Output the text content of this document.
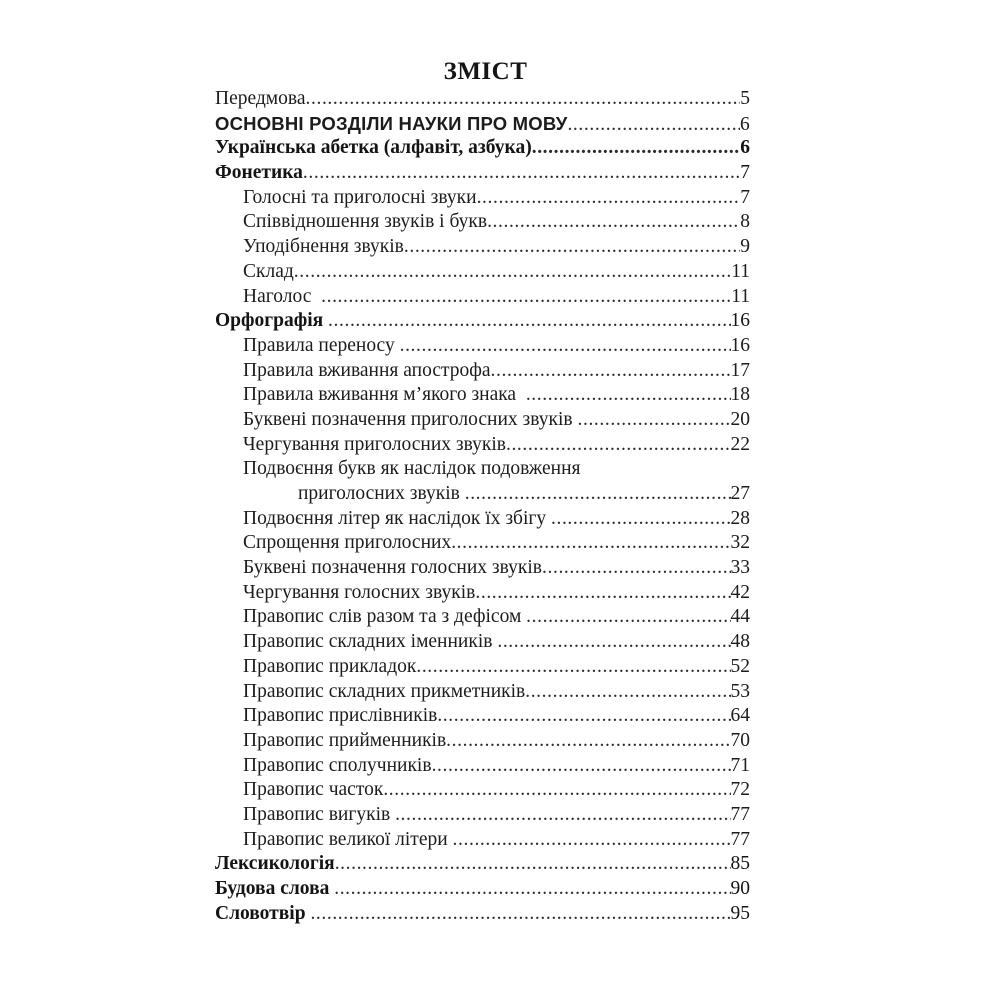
ЗМІСТ
Передмова .....	5
ОСНОВНІ РОЗДІЛИ НАУКИ ПРО МОВУ .....	6
Українська абетка (алфавіт, азбука) .....	6
Фонетика .....	7
Голосні та приголосні звуки .....	7
Співвідношення звуків і букв .....	8
Уподібнення звуків .....	9
Склад .....	11
Наголос .....	11
Орфографія .....	16
Правила переносу .....	16
Правила вживання апострофа .....	17
Правила вживання м’якого знака .....	18
Буквені позначення приголосних звуків .....	20
Чергування приголосних звуків .....	22
Подвоєння букв як наслідок подовження
приголосних звуків .....	27
Подвоєння літер як наслідок їх збігу .....	28
Спрощення приголосних .....	32
Буквені позначення голосних звуків .....	33
Чергування голосних звуків .....	42
Правопис слів разом та з дефісом .....	44
Правопис складних іменників .....	48
Правопис прикладок .....	52
Правопис складних прикметників .....	53
Правопис прислівників .....	64
Правопис прийменників .....	70
Правопис сполучників .....	71
Правопис часток .....	72
Правопис вигуків .....	77
Правопис великої літери .....	77
Лексикологія .....	85
Будова слова .....	90
Словотвір .....	95
